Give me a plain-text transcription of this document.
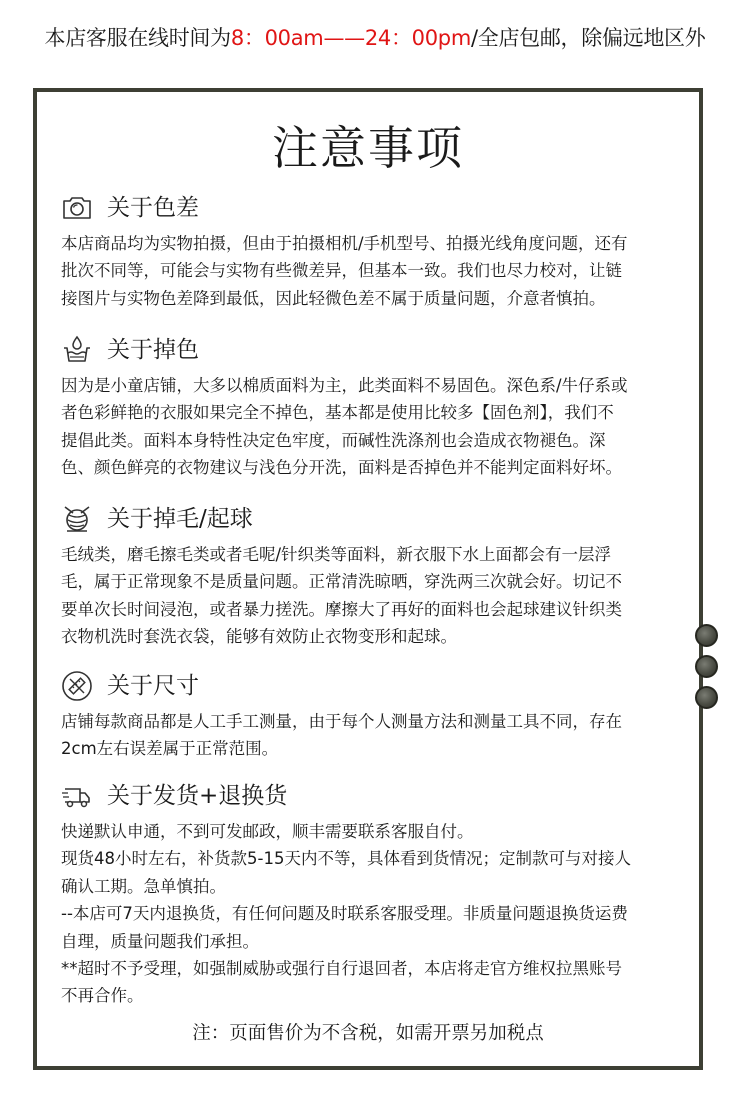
本店客服在线时间为8：00am——24：00pm/全店包邮，除偏远地区外
注意事项
关于色差
本店商品均为实物拍摄，但由于拍摄相机/手机型号、拍摄光线角度问题，还有
批次不同等，可能会与实物有些微差异，但基本一致。我们也尽力校对，让链
接图片与实物色差降到最低，因此轻微色差不属于质量问题，介意者慎拍。
关于掉色
因为是小童店铺，大多以棉质面料为主，此类面料不易固色。深色系/牛仔系或
者色彩鲜艳的衣服如果完全不掉色，基本都是使用比较多【固色剂】，我们不
提倡此类。面料本身特性决定色牢度，而碱性洗涤剂也会造成衣物褪色。深
色、颜色鲜亮的衣物建议与浅色分开洗，面料是否掉色并不能判定面料好坏。
关于掉毛/起球
毛绒类，磨毛擦毛类或者毛呢/针织类等面料，新衣服下水上面都会有一层浮
毛，属于正常现象不是质量问题。正常清洗晾晒，穿洗两三次就会好。切记不
要单次长时间浸泡，或者暴力搓洗。摩擦大了再好的面料也会起球建议针织类
衣物机洗时套洗衣袋，能够有效防止衣物变形和起球。
关于尺寸
店铺每款商品都是人工手工测量，由于每个人测量方法和测量工具不同，存在
2cm左右误差属于正常范围。
关于发货+退换货
快递默认申通，不到可发邮政，顺丰需要联系客服自付。
现货48小时左右，补货款5-15天内不等，具体看到货情况；定制款可与对接人
确认工期。急单慎拍。
--本店可7天内退换货，有任何问题及时联系客服受理。非质量问题退换货运费
自理，质量问题我们承担。
**超时不予受理，如强制威胁或强行自行退回者，本店将走官方维权拉黑账号
不再合作。
注：页面售价为不含税，如需开票另加税点
